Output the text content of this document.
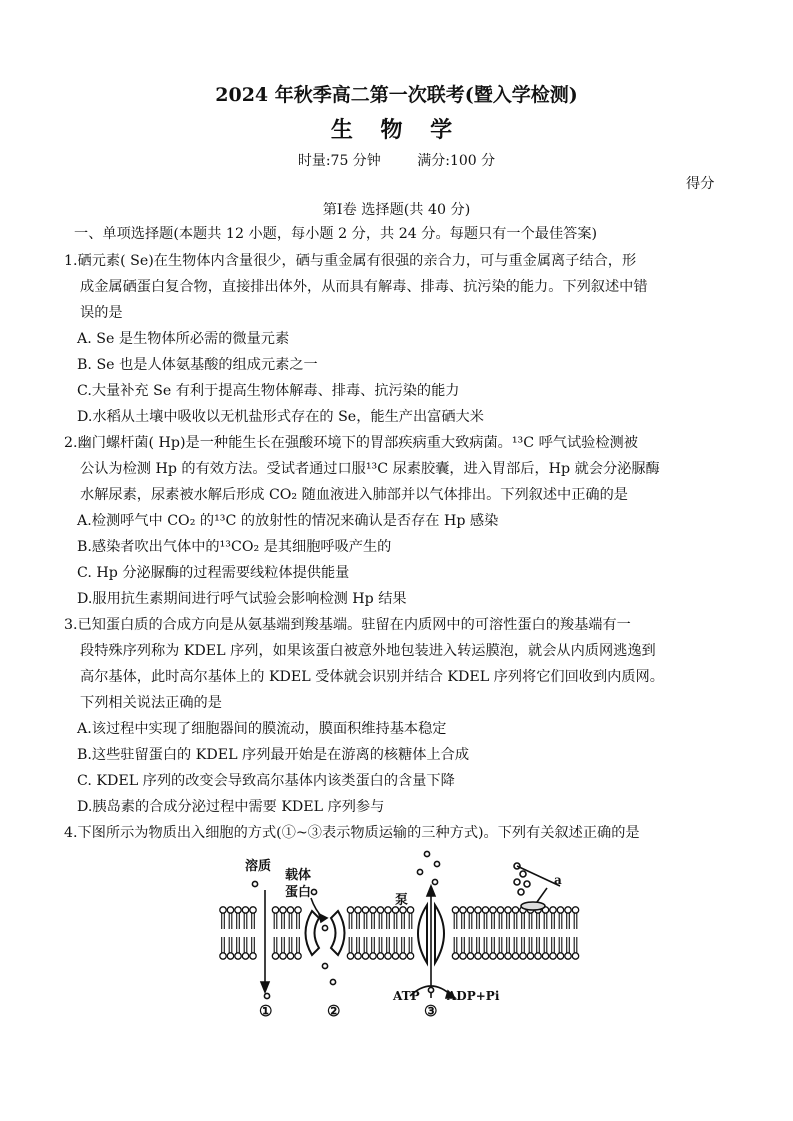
2024 年秋季高二第一次联考(暨入学检测)
生 物 学
时量:75 分钟	满分:100 分
得分
第Ⅰ卷 选择题(共 40 分)
一、单项选择题(本题共 12 小题，每小题 2 分，共 24 分。每题只有一个最佳答案)
1.硒元素( Se)在生物体内含量很少，硒与重金属有很强的亲合力，可与重金属离子结合，形
成金属硒蛋白复合物，直接排出体外，从而具有解毒、排毒、抗污染的能力。下列叙述中错
误的是
A. Se 是生物体所必需的微量元素
B. Se 也是人体氨基酸的组成元素之一
C.大量补充 Se 有利于提高生物体解毒、排毒、抗污染的能力
D.水稻从土壤中吸收以无机盐形式存在的 Se，能生产出富硒大米
2.幽门螺杆菌( Hp)是一种能生长在强酸环境下的胃部疾病重大致病菌。¹³C 呼气试验检测被
公认为检测 Hp 的有效方法。受试者通过口服¹³C 尿素胶囊，进入胃部后，Hp 就会分泌脲酶
水解尿素，尿素被水解后形成 CO₂ 随血液进入肺部并以气体排出。下列叙述中正确的是
A.检测呼气中 CO₂ 的¹³C 的放射性的情况来确认是否存在 Hp 感染
B.感染者吹出气体中的¹³CO₂ 是其细胞呼吸产生的
C. Hp 分泌脲酶的过程需要线粒体提供能量
D.服用抗生素期间进行呼气试验会影响检测 Hp 结果
3.已知蛋白质的合成方向是从氨基端到羧基端。驻留在内质网中的可溶性蛋白的羧基端有一
段特殊序列称为 KDEL 序列，如果该蛋白被意外地包装进入转运膜泡，就会从内质网逃逸到
高尔基体，此时高尔基体上的 KDEL 受体就会识别并结合 KDEL 序列将它们回收到内质网。
下列相关说法正确的是
A.该过程中实现了细胞器间的膜流动，膜面积维持基本稳定
B.这些驻留蛋白的 KDEL 序列最开始是在游离的核糖体上合成
C. KDEL 序列的改变会导致高尔基体内该类蛋白的含量下降
D.胰岛素的合成分泌过程中需要 KDEL 序列参与
4.下图所示为物质出入细胞的方式(①~③表示物质运输的三种方式)。下列有关叙述正确的是
溶质
载体
蛋白
泵
a
ATP ADP+Pi
①	②	③
